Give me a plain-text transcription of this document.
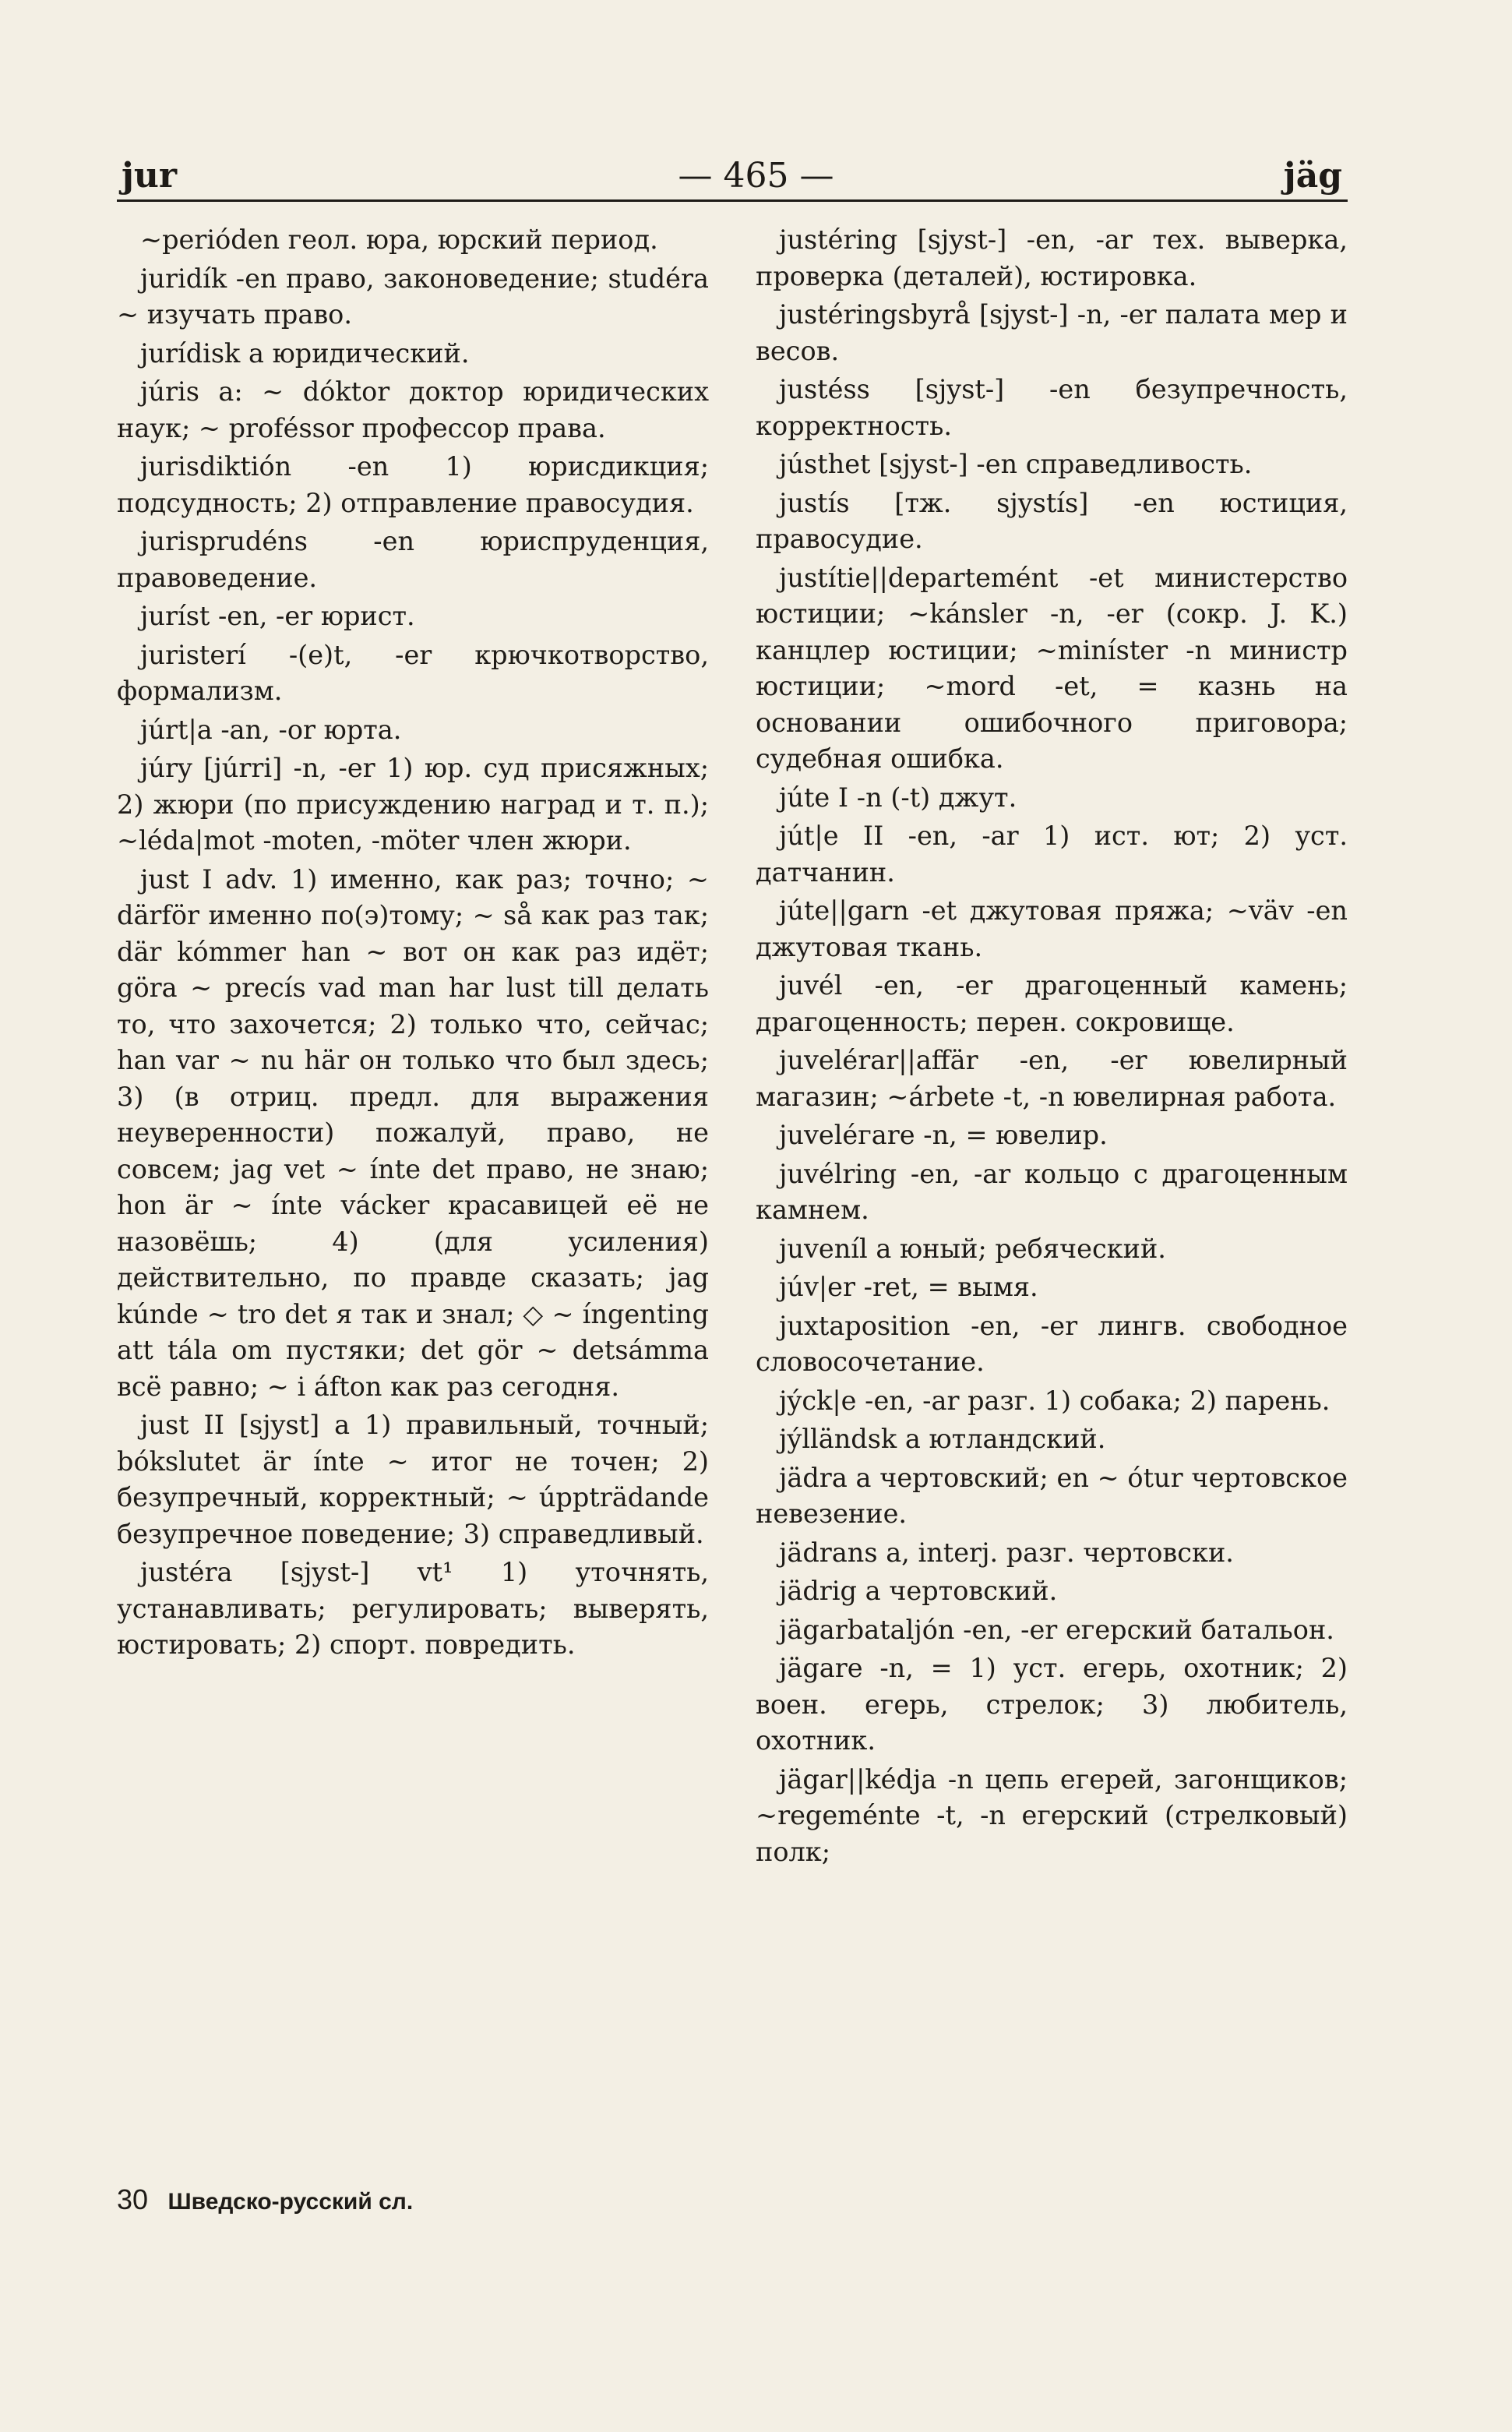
jur	— 465 —	jäg

~perióden геол. юра, юрский период.

juridík -en право, законоведение; studéra ~ изучать право.

jurídisk a юридический.

júris a: ~ dóktor доктор юридических наук; ~ proféssor профессор права.

jurisdiktión -en 1) юрисдикция; подсудность; 2) отправление правосудия.

jurisprudéns -en юриспруденция, правоведение.

juríst -en, -er юрист.

juristerí -(e)t, -er крючкотворство, формализм.

júrt|a -an, -or юрта.

júry [júrri] -n, -er 1) юр. суд присяжных; 2) жюри (по присуждению наград и т. п.); ~léda|mot -moten, -möter член жюри.

just I adv. 1) именно, как раз; точно; ~ därför именно по(э)тому; ~ så как раз так; där kómmer han ~ вот он как раз идёт; göra ~ precís vad man har lust till делать то, что захочется; 2) только что, сейчас; han var ~ nu här он только что был здесь; 3) (в отриц. предл. для выражения неуверенности) пожалуй, право, не совсем; jag vet ~ ínte det право, не знаю; hon är ~ ínte vácker красавицей её не назовёшь; 4) (для усиления) действительно, по правде сказать; jag kúnde ~ tro det я так и знал; ◇ ~ íngenting att tála om пустяки; det gör ~ detsámma всё равно; ~ i áfton как раз сегодня.

just II [sjyst] a 1) правильный, точный; bókslutet är ínte ~ итог не точен; 2) безупречный, корректный; ~ úppträdande безупречное поведение; 3) справедливый.

justéra [sjyst-] vt¹ 1) уточнять, устанавливать; регулировать; выверять, юстировать; 2) спорт. повредить.

justéring [sjyst-] -en, -ar тех. выверка, проверка (деталей), юстировка.

justéringsbyrå [sjyst-] -n, -er палата мер и весов.

justéss [sjyst-] -en безупречность, корректность.

jústhet [sjyst-] -en справедливость.

justís [тж. sjystís] -en юстиция, правосудие.

justítie||departemént -et министерство юстиции; ~kánsler -n, -er (сокр. J. K.) канцлер юстиции; ~minístеr -n министр юстиции; ~mord -et, = казнь на основании ошибочного приговора; судебная ошибка.

júte I -n (-t) джут.

jút|e II -en, -ar 1) ист. ют; 2) уст. датчанин.

júte||garn -et джутовая пряжа; ~väv -en джутовая ткань.

juvél -en, -er драгоценный камень; драгоценность; перен. сокровище.

juvelérar||affär -en, -er ювелирный магазин; ~árbete -t, -n ювелирная работа.

juveléгare -n, = ювелир.

juvélring -en, -ar кольцо с драгоценным камнем.

juveníl a юный; ребяческий.

júv|er -ret, = вымя.

juxtaposition -en, -er лингв. свободное словосочетание.

jýck|e -en, -ar разг. 1) собака; 2) парень.

jýlländsk a ютландский.

jädra a чертовский; en ~ ótur чертовское невезение.

jädrans a, interj. разг. чертовски.

jädrig a чертовский.

jägarbataljón -en, -er егерский батальон.

jägare -n, = 1) уст. егерь, охотник; 2) воен. егерь, стрелок; 3) любитель, охотник.

jägar||kédja -n цепь егерей, загонщиков; ~regeménte -t, -n егерский (стрелковый) полк;

30 Шведско-русский сл.
